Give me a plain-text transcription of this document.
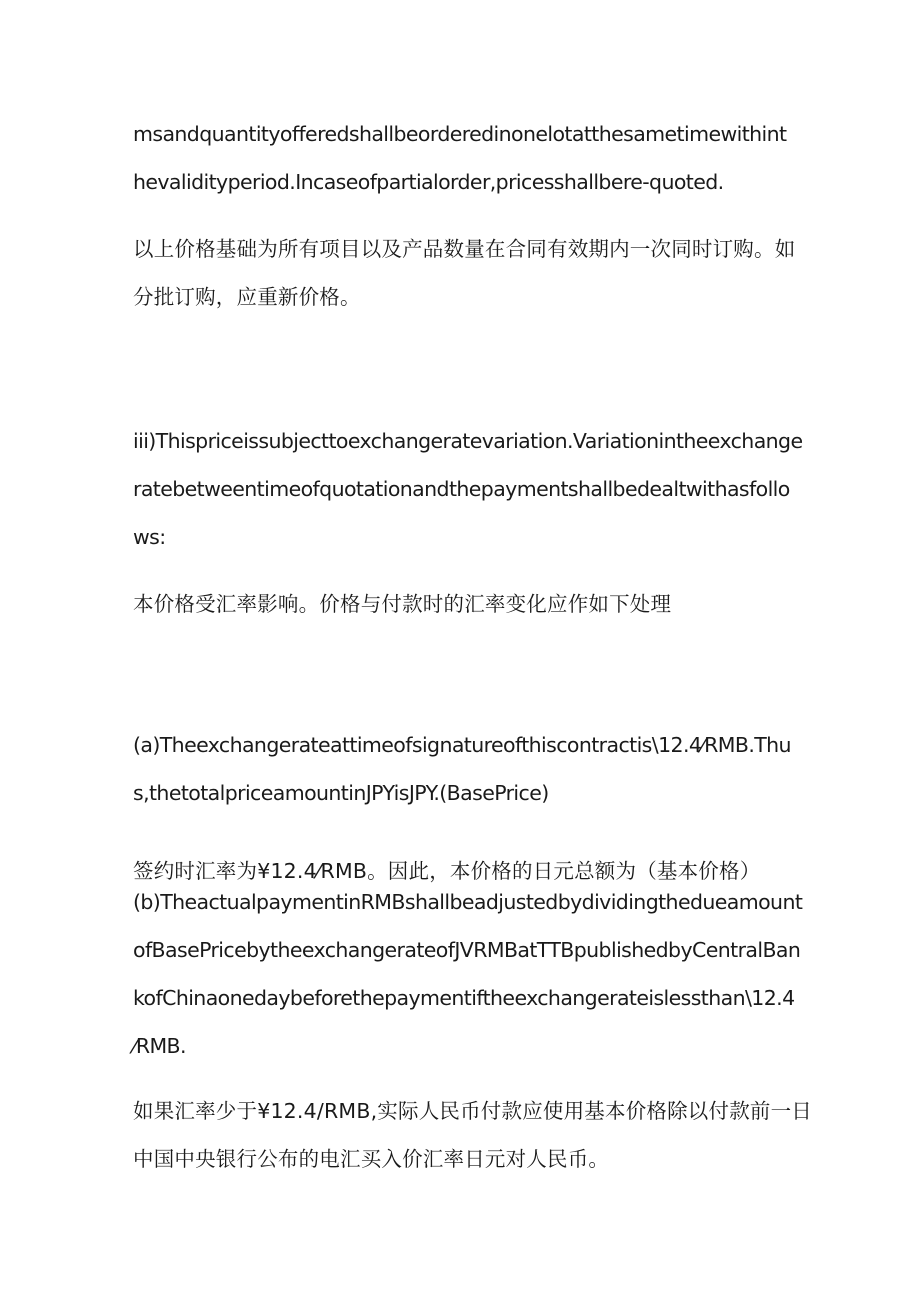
msandquantityofferedshallbeorderedinonelotatthesametimewithint
hevalidityperiod.Incaseofpartialorder,pricesshallbere-quoted.
以上价格基础为所有项目以及产品数量在合同有效期内一次同时订购。如
分批订购，应重新价格。
iii)Thispriceissubjecttoexchangeratevariation.Variationintheexchange
ratebetweentimeofquotationandthepaymentshallbedealtwithasfollo
ws:
本价格受汇率影响。价格与付款时的汇率变化应作如下处理
(a)Theexchangerateattimeofsignatureofthiscontractis\12.4⁄RMB.Thu
s,thetotalpriceamountinJPYisJPY.(BasePrice)
签约时汇率为¥12.4⁄RMB。因此，本价格的日元总额为（基本价格）
(b)TheactualpaymentinRMBshallbeadjustedbydividingthedueamount
ofBasePricebytheexchangerateofJVRMBatTTBpublishedbyCentralBan
kofChinaonedaybeforethepaymentiftheexchangerateislessthan\12.4
⁄RMB.
如果汇率少于¥12.4/RMB,实际人民币付款应使用基本价格除以付款前一日
中国中央银行公布的电汇买入价汇率日元对人民币。
